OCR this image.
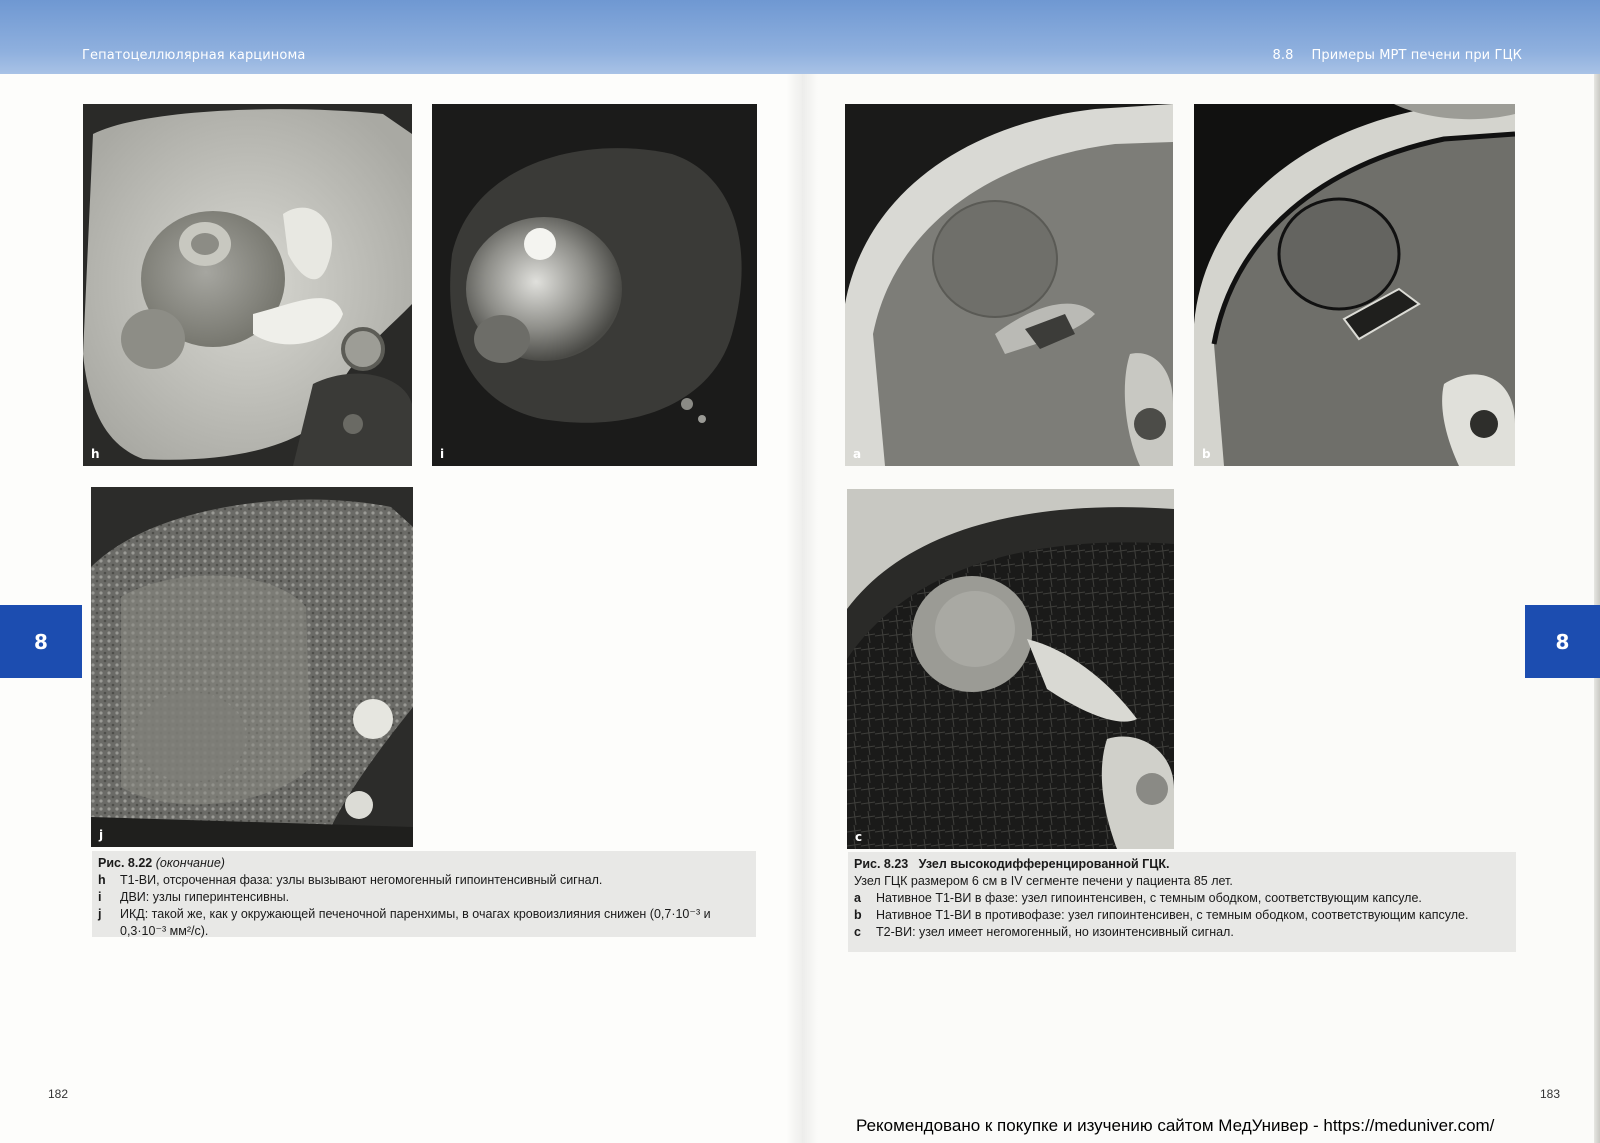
Гепатоцеллюлярная карцинома	8.8 Примеры МРТ печени при ГЦК
8	8
h	i
j
Рис. 8.22 (окончание)
h	T1-ВИ, отсроченная фаза: узлы вызывают негомогенный гипоинтенсивный сигнал.
i	ДВИ: узлы гиперинтенсивны.
j	ИКД: такой же, как у окружающей печеночной паренхимы, в очагах кровоизлияния снижен (0,7·10⁻³ и 0,3·10⁻³ мм²/с).
a	b
c
Рис. 8.23 Узел высокодифференцированной ГЦК.
Узел ГЦК размером 6 см в IV сегменте печени у пациента 85 лет.
a	Нативное T1-ВИ в фазе: узел гипоинтенсивен, с темным ободком, соответствующим капсуле.
b	Нативное T1-ВИ в противофазе: узел гипоинтенсивен, с темным ободком, соответствующим капсуле.
c	T2-ВИ: узел имеет негомогенный, но изоинтенсивный сигнал.
182	183
Рекомендовано к покупке и изучению сайтом МедУнивер - https://meduniver.com/
